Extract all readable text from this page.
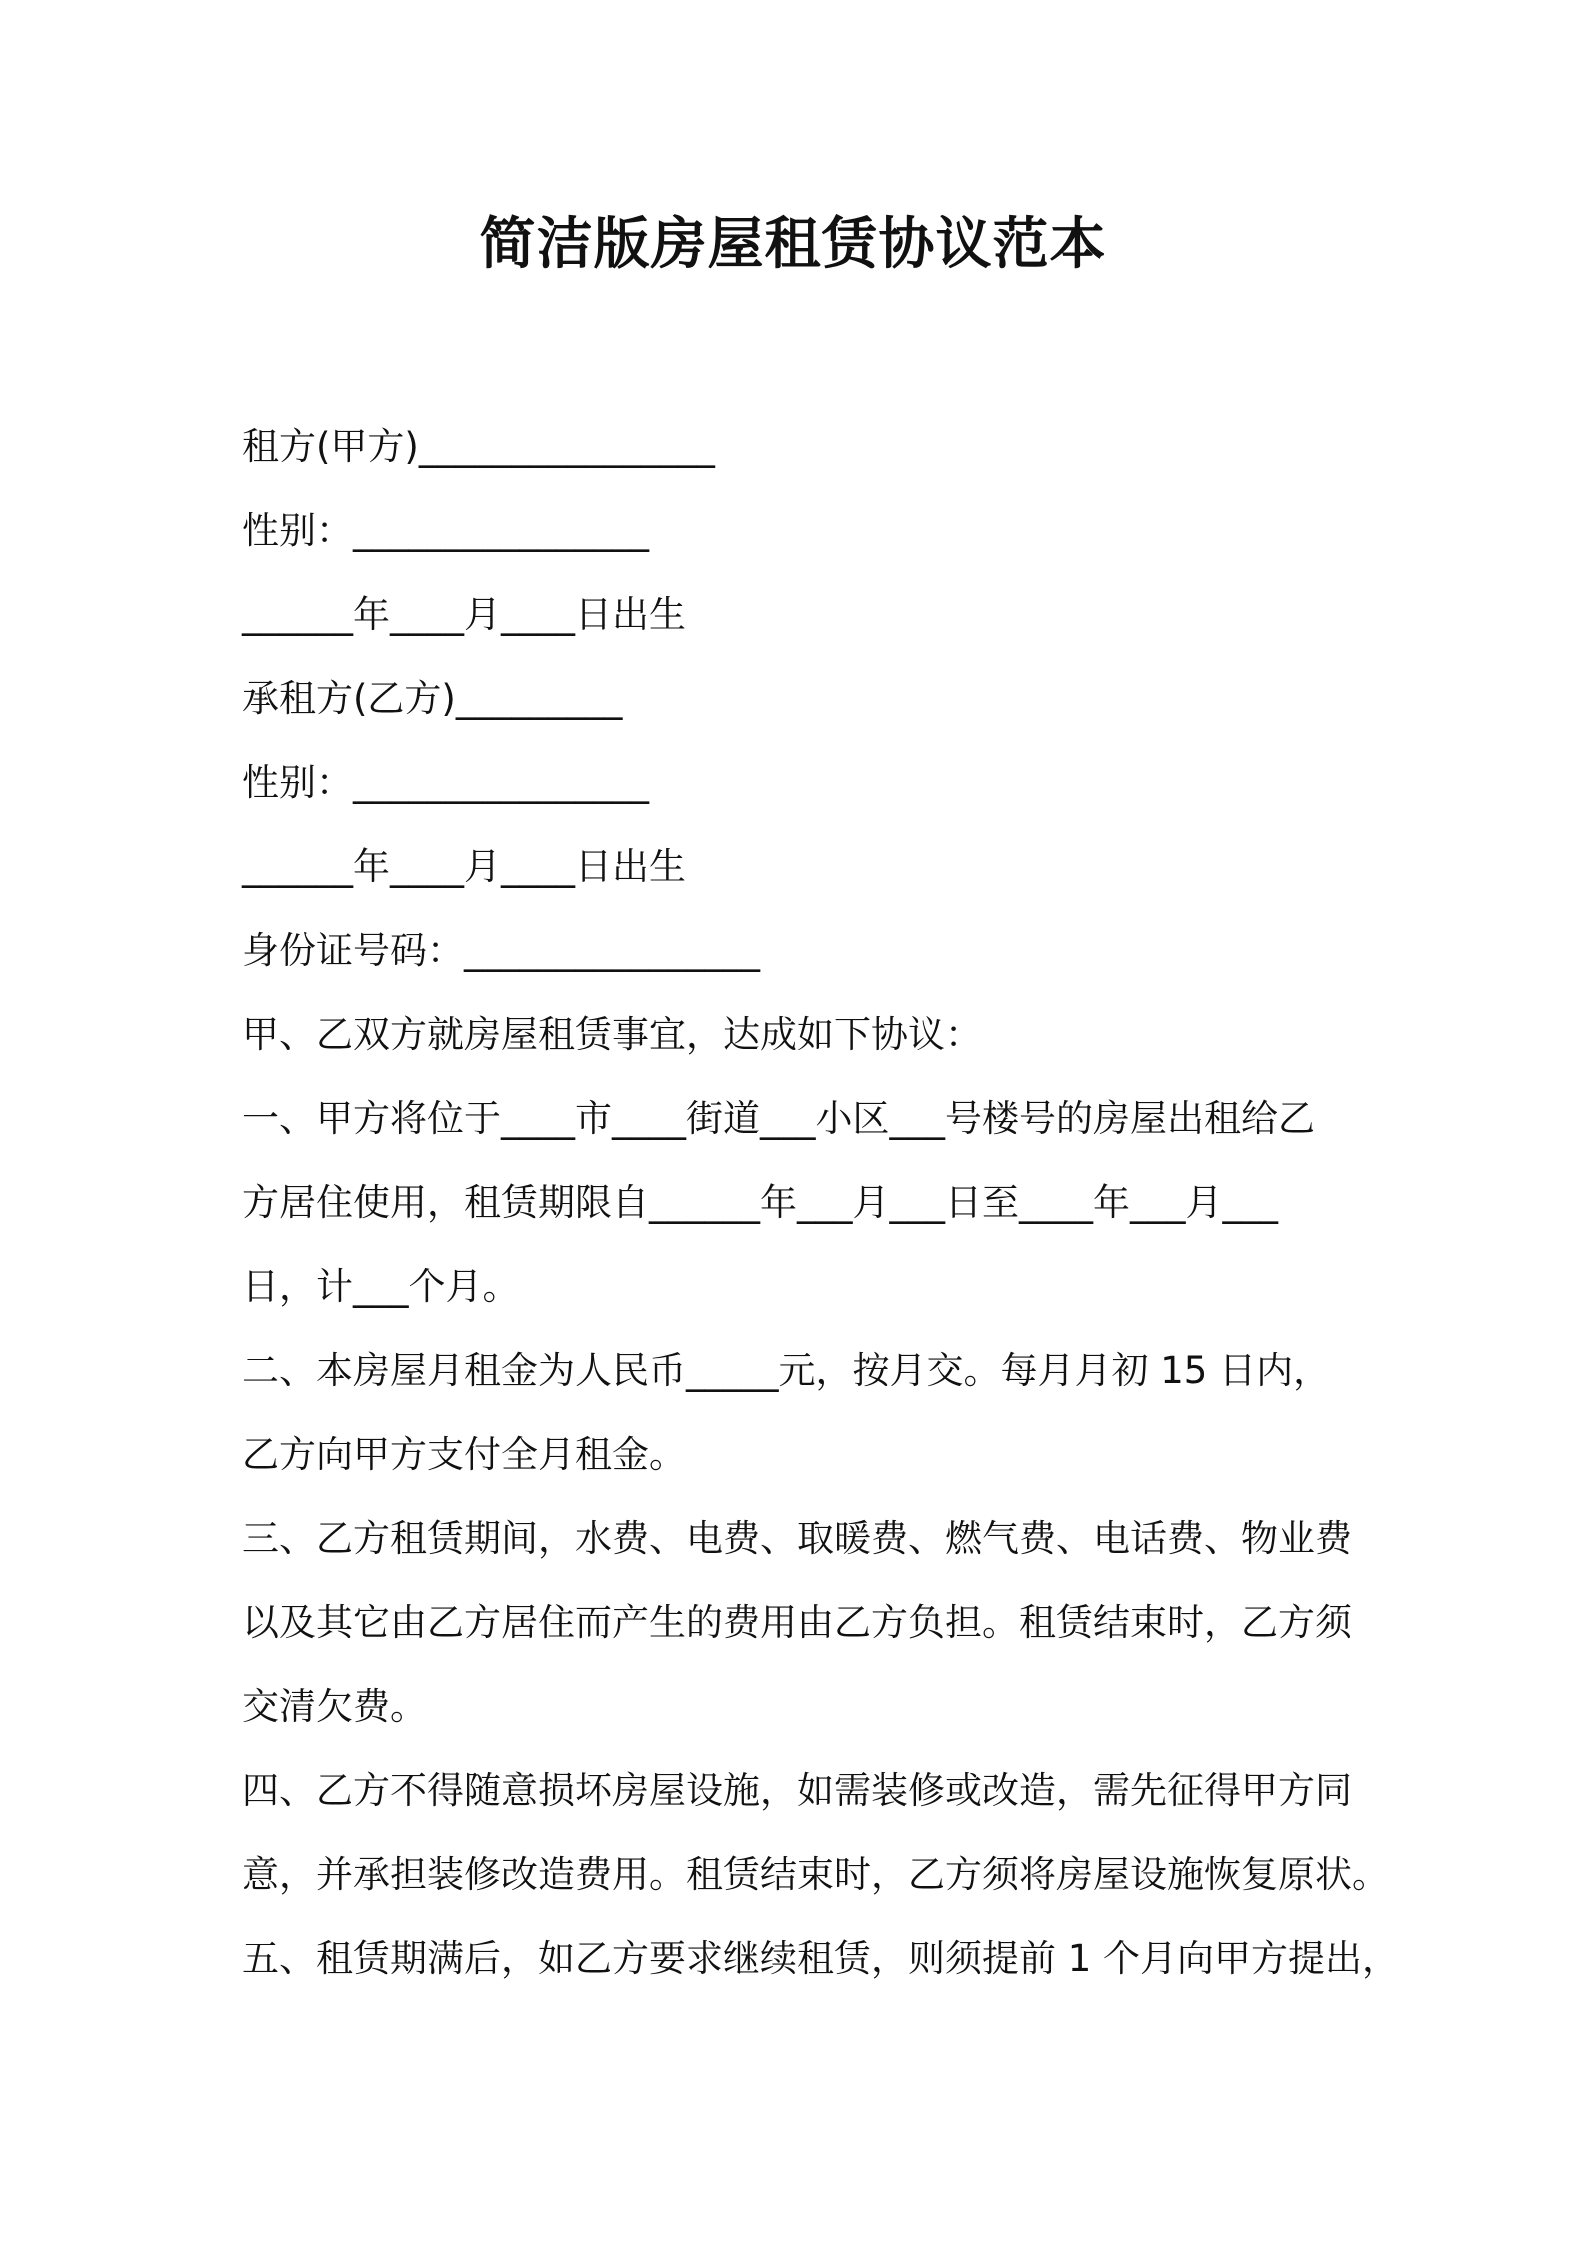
简洁版房屋租赁协议范本
租方(甲方)________________
性别：________________
______年____月____日出生
承租方(乙方)_________
性别：________________
______年____月____日出生
身份证号码：________________
甲、乙双方就房屋租赁事宜，达成如下协议：
一、甲方将位于____市____街道___小区___号楼号的房屋出租给乙
方居住使用，租赁期限自______年___月___日至____年___月___
日，计___个月。
二、本房屋月租金为人民币_____元，按月交。每月月初 15 日内，
乙方向甲方支付全月租金。
三、乙方租赁期间，水费、电费、取暖费、燃气费、电话费、物业费
以及其它由乙方居住而产生的费用由乙方负担。租赁结束时，乙方须
交清欠费。
四、乙方不得随意损坏房屋设施，如需装修或改造，需先征得甲方同
意，并承担装修改造费用。租赁结束时，乙方须将房屋设施恢复原状。
五、租赁期满后，如乙方要求继续租赁，则须提前 1 个月向甲方提出，
